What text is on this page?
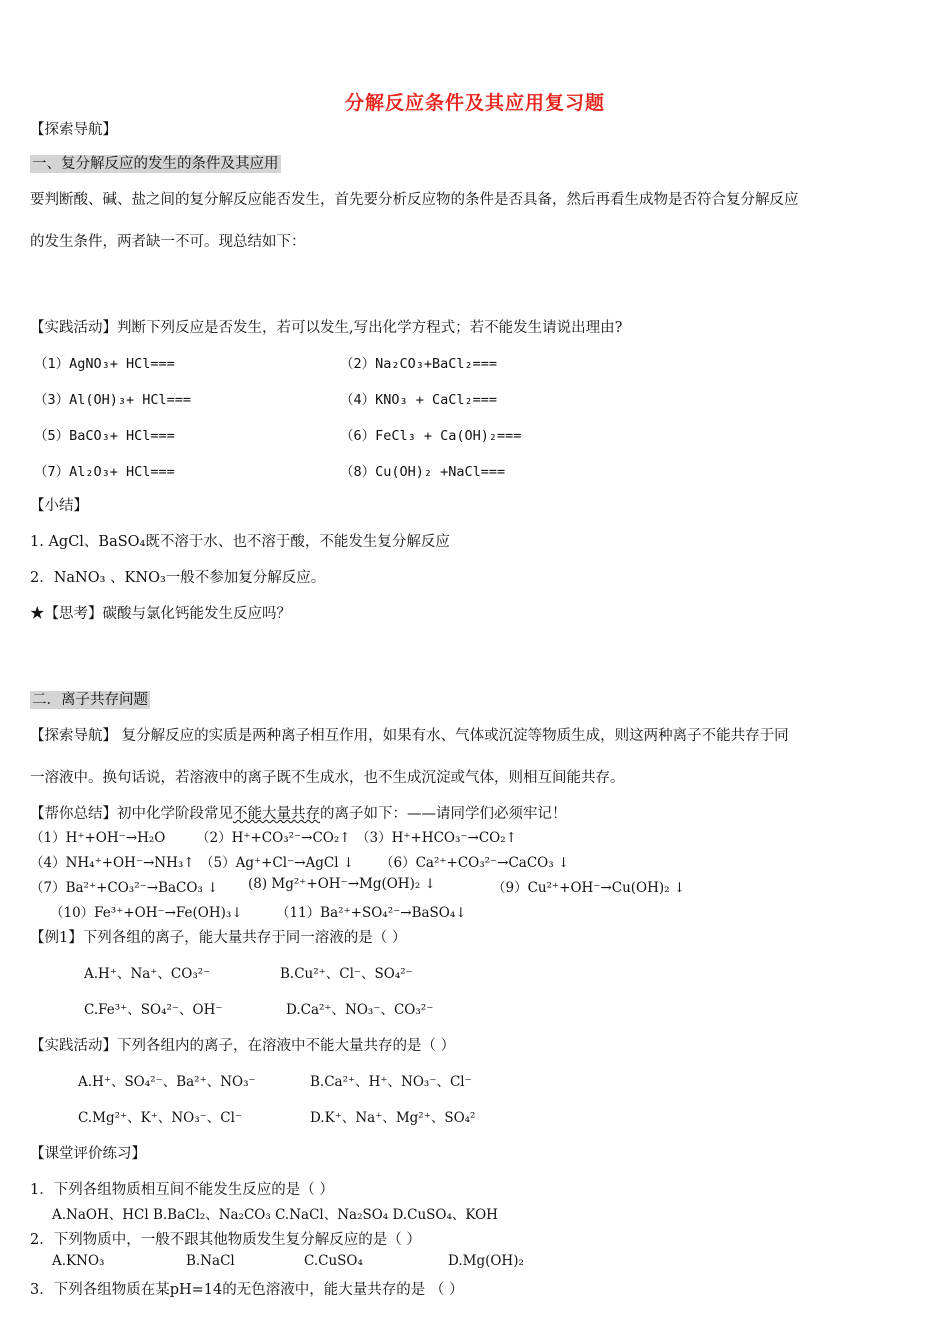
分解反应条件及其应用复习题
【探索导航】
一、复分解反应的发生的条件及其应用
要判断酸、碱、盐之间的复分解反应能否发生，首先要分析反应物的条件是否具备，然后再看生成物是否符合复分解反应
的发生条件，两者缺一不可。现总结如下：
【实践活动】判断下列反应是否发生，若可以发生,写出化学方程式；若不能发生请说出理由?
（1）AgNO₃+ HCl===	（2）Na₂CO₃+BaCl₂===
（3）Al(OH)₃+ HCl===	（4）KNO₃ + CaCl₂===
（5）BaCO₃+ HCl===	（6）FeCl₃ + Ca(OH)₂===
（7）Al₂O₃+ HCl===	（8）Cu(OH)₂ +NaCl===
【小结】
1. AgCl、BaSO₄既不溶于水、也不溶于酸，不能发生复分解反应
2．NaNO₃ 、KNO₃一般不参加复分解反应。
★【思考】碳酸与氯化钙能发生反应吗？
二．离子共存问题
【探索导航】 复分解反应的实质是两种离子相互作用，如果有水、气体或沉淀等物质生成，则这两种离子不能共存于同
一溶液中。换句话说，若溶液中的离子既不生成水，也不生成沉淀或气体，则相互间能共存。
【帮你总结】初中化学阶段常见不能大量共存的离子如下：——请同学们必须牢记！
（1）H⁺+OH⁻→H₂O （2）H⁺+CO₃²⁻→CO₂↑ （3）H⁺+HCO₃⁻→CO₂↑
（4）NH₄⁺+OH⁻→NH₃↑ （5）Ag⁺+Cl⁻→AgCl ↓ （6）Ca²⁺+CO₃²⁻→CaCO₃ ↓
（7）Ba²⁺+CO₃²⁻→BaCO₃ ↓ (8) Mg²⁺+OH⁻→Mg(OH)₂ ↓	（9）Cu²⁺+OH⁻→Cu(OH)₂ ↓
（10）Fe³⁺+OH⁻→Fe(OH)₃↓ （11）Ba²⁺+SO₄²⁻→BaSO₄↓
【例1】下列各组的离子，能大量共存于同一溶液的是（ ）
A.H⁺、Na⁺、CO₃²⁻	B.Cu²⁺、Cl⁻、SO₄²⁻
C.Fe³⁺、SO₄²⁻、OH⁻	D.Ca²⁺、NO₃⁻、CO₃²⁻
【实践活动】下列各组内的离子，在溶液中不能大量共存的是（ ）
A.H⁺、SO₄²⁻、Ba²⁺、NO₃⁻	B.Ca²⁺、H⁺、NO₃⁻、Cl⁻
C.Mg²⁺、K⁺、NO₃⁻、Cl⁻	D.K⁺、Na⁺、Mg²⁺、SO₄²
【课堂评价练习】
1．下列各组物质相互间不能发生反应的是（ ）
A.NaOH、HCl B.BaCl₂、Na₂CO₃ C.NaCl、Na₂SO₄ D.CuSO₄、KOH
2．下列物质中，一般不跟其他物质发生复分解反应的是（ ）
A.KNO₃	B.NaCl	C.CuSO₄	D.Mg(OH)₂
3．下列各组物质在某pH=14的无色溶液中，能大量共存的是 （ ）
